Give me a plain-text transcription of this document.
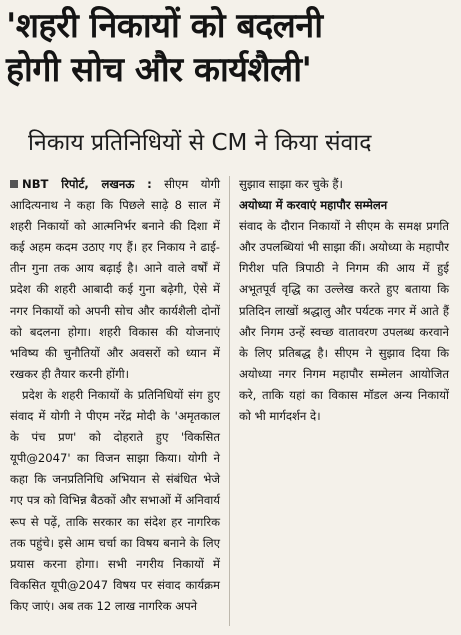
'शहरी निकायों को बदलनी
होगी सोच और कार्यशैली'
निकाय प्रतिनिधियों से CM ने किया संवाद

NBT रिपोर्ट, लखनऊ : सीएम योगी आदित्यनाथ ने कहा कि पिछले साढ़े 8 साल में शहरी निकायों को आत्मनिर्भर बनाने की दिशा में कई अहम कदम उठाए गए हैं। हर निकाय ने ढाई-तीन गुना तक आय बढ़ाई है। आने वाले वर्षों में प्रदेश की शहरी आबादी कई गुना बढ़ेगी, ऐसे में नगर निकायों को अपनी सोच और कार्यशैली दोनों को बदलना होगा। शहरी विकास की योजनाएं भविष्य की चुनौतियों और अवसरों को ध्यान में रखकर ही तैयार करनी होंगी।

प्रदेश के शहरी निकायों के प्रतिनिधियों संग हुए संवाद में योगी ने पीएम नरेंद्र मोदी के 'अमृतकाल के पंच प्रण' को दोहराते हुए 'विकसित यूपी@2047' का विजन साझा किया। योगी ने कहा कि जनप्रतिनिधि अभियान से संबंधित भेजे गए पत्र को विभिन्न बैठकों और सभाओं में अनिवार्य रूप से पढ़ें, ताकि सरकार का संदेश हर नागरिक तक पहुंचे। इसे आम चर्चा का विषय बनाने के लिए प्रयास करना होगा। सभी नगरीय निकायों में विकसित यूपी@2047 विषय पर संवाद कार्यक्रम किए जाएं। अब तक 12 लाख नागरिक अपने

सुझाव साझा कर चुके हैं।

अयोध्या में करवाएं महापौर सम्मेलन

संवाद के दौरान निकायों ने सीएम के समक्ष प्रगति और उपलब्धियां भी साझा कीं। अयोध्या के महापौर गिरीश पति त्रिपाठी ने निगम की आय में हुई अभूतपूर्व वृद्धि का उल्लेख करते हुए बताया कि प्रतिदिन लाखों श्रद्धालु और पर्यटक नगर में आते हैं और निगम उन्हें स्वच्छ वातावरण उपलब्ध करवाने के लिए प्रतिबद्ध है। सीएम ने सुझाव दिया कि अयोध्या नगर निगम महापौर सम्मेलन आयोजित करे, ताकि यहां का विकास मॉडल अन्य निकायों को भी मार्गदर्शन दे।
